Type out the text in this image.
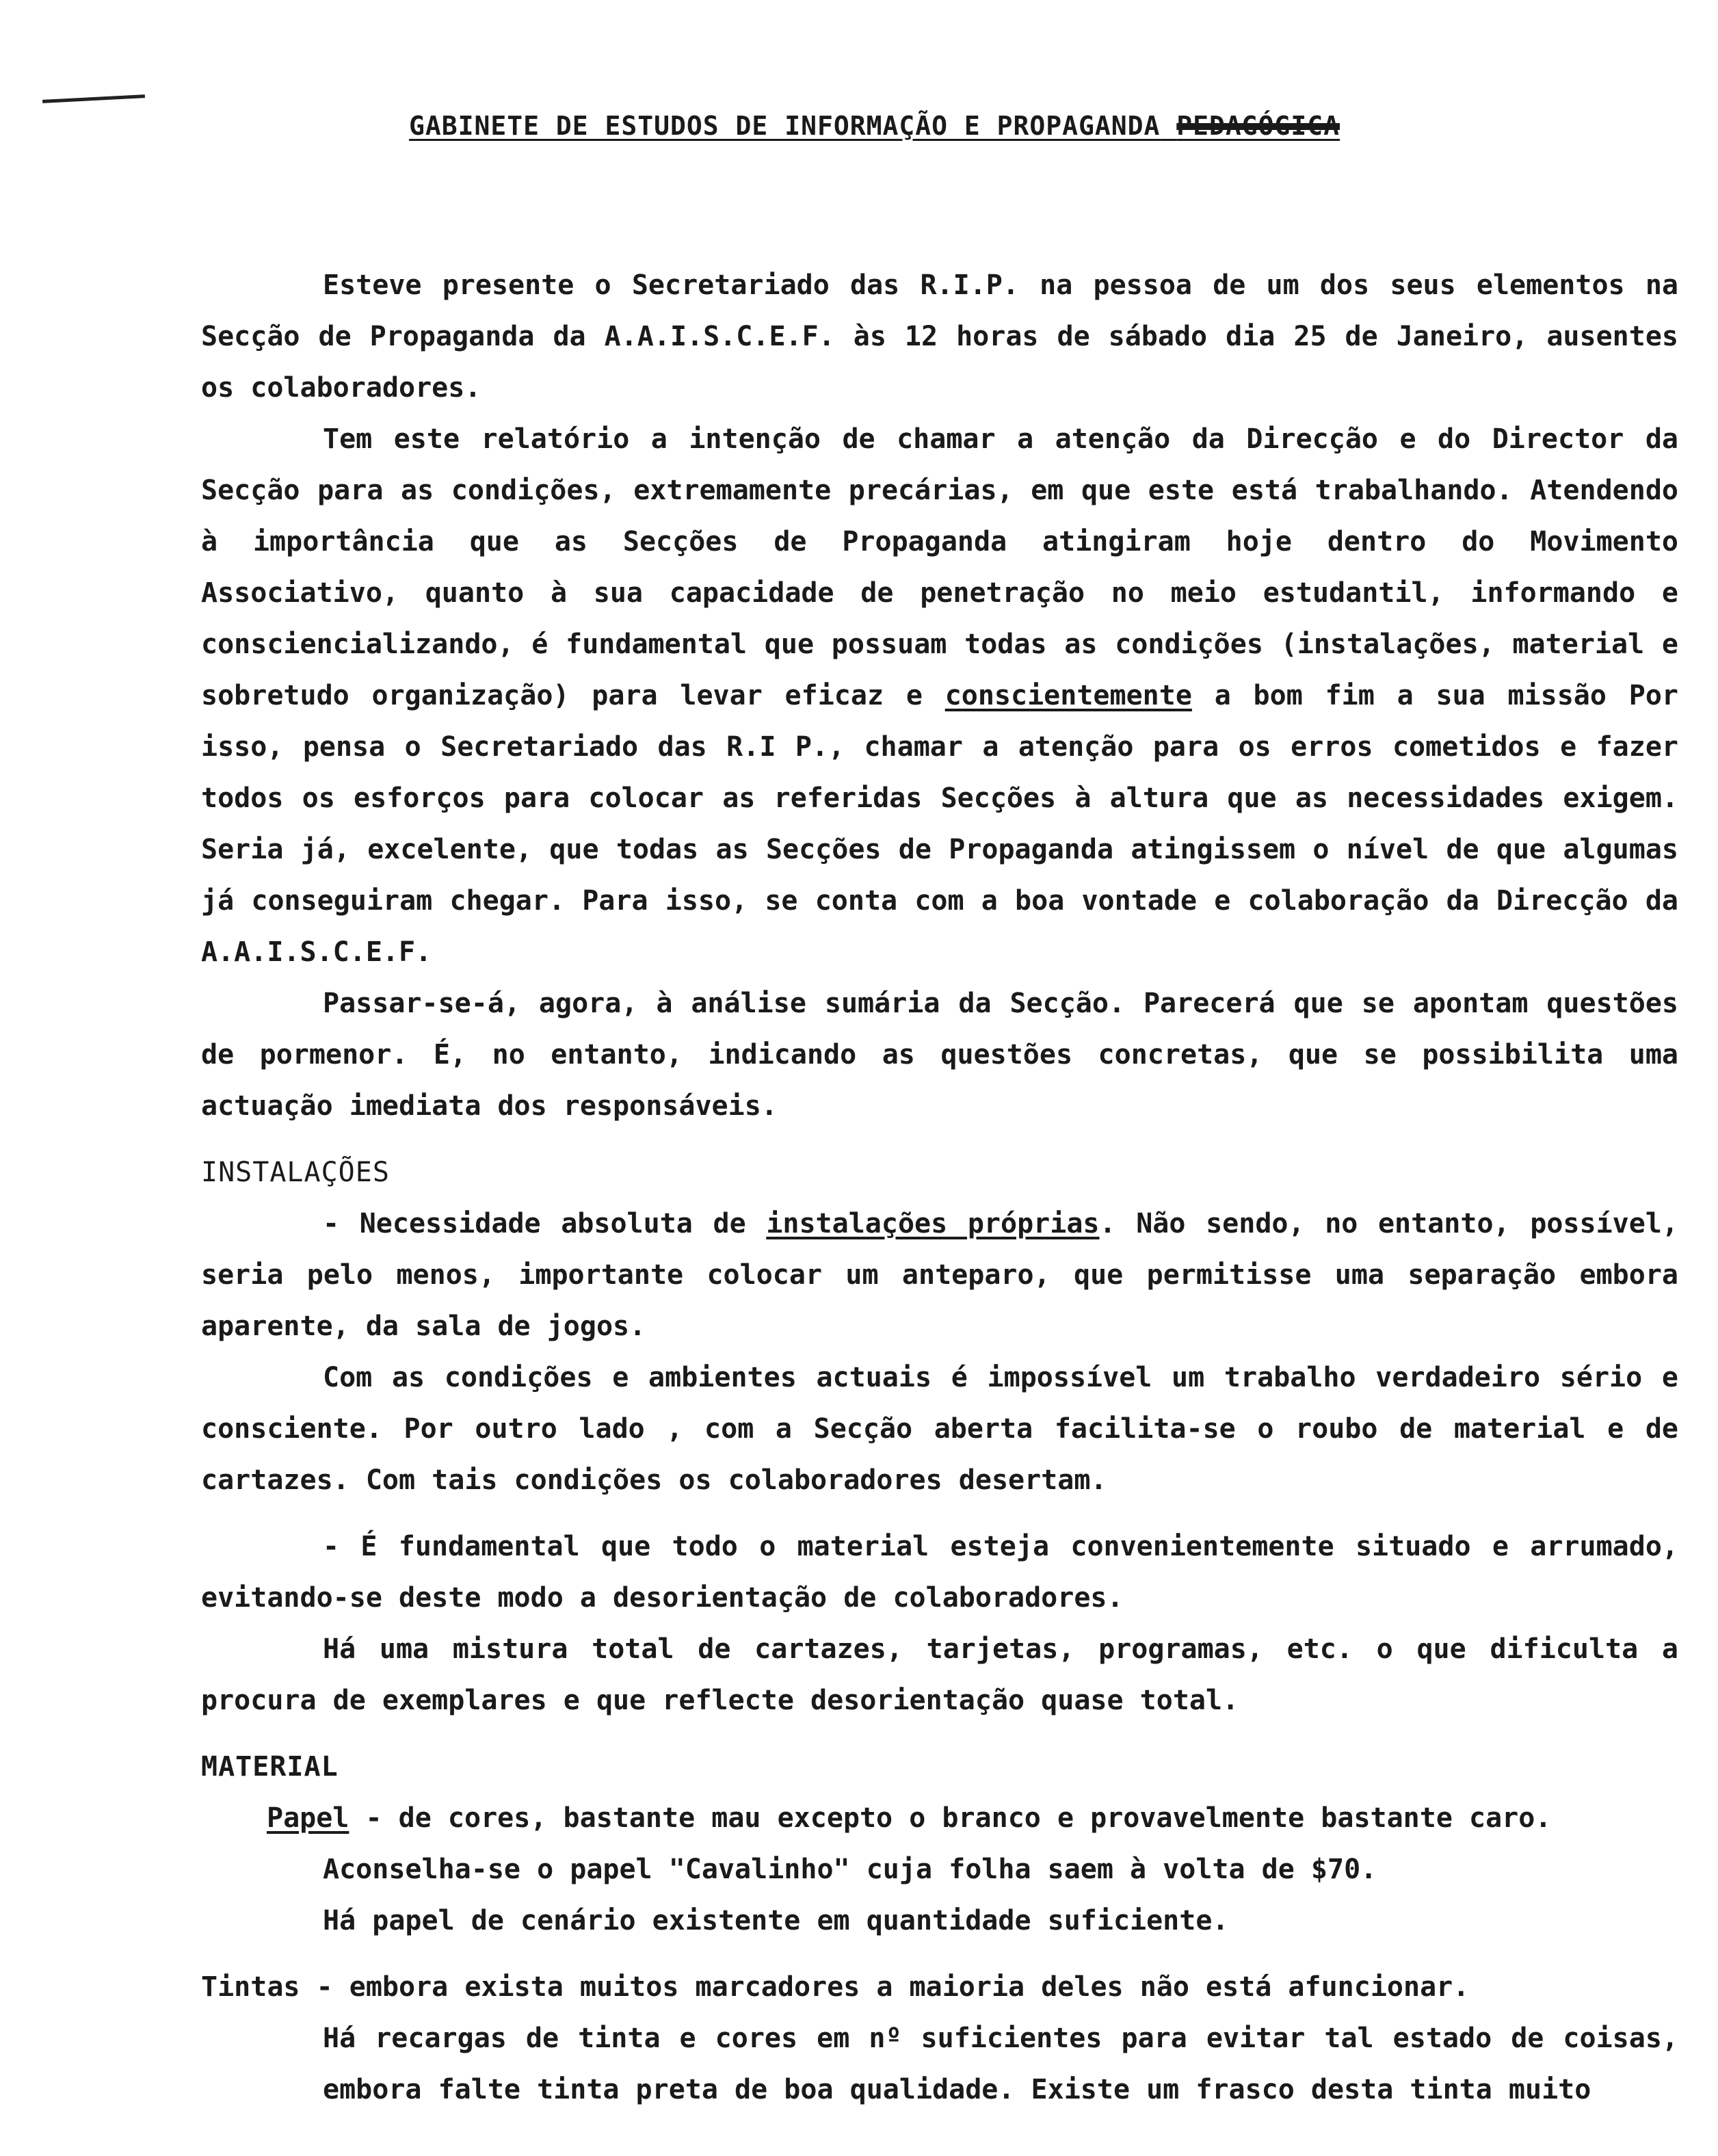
GABINETE DE ESTUDOS DE INFORMAÇÃO E PROPAGANDA PEDAGÓGICA

Esteve presente o Secretariado das R.I.P. na pessoa de um dos seus elementos na Secção de Propaganda da A.A.I.S.C.E.F. às 12 horas de sábado dia 25 de Janeiro, ausentes os colaboradores.

Tem este relatório a intenção de chamar a atenção da Direcção e do Director da Secção para as condições, extremamente precárias, em que este está trabalhando. Atendendo à importância que as Secções de Propaganda atingiram hoje dentro do Movimento Associativo, quanto à sua capacidade de penetração no meio estudantil, informando e consciencializando, é fundamental que possuam todas as condições (instalações, material e sobretudo organização) para levar eficaz e conscientemente a bom fim a sua missão Por isso, pensa o Secretariado das R.I P., chamar a atenção para os erros cometidos e fazer todos os esforços para colocar as referidas Secções à altura que as necessidades exigem. Seria já, excelente, que todas as Secções de Propaganda atingissem o nível de que algumas já conseguiram chegar. Para isso, se conta com a boa vontade e colaboração da Direcção da A.A.I.S.C.E.F.

Passar-se-á, agora, à análise sumária da Secção. Parecerá que se apontam questões de pormenor. É, no entanto, indicando as questões concretas, que se possibilita uma actuação imediata dos responsáveis.

INSTALAÇÕES

- Necessidade absoluta de instalações próprias. Não sendo, no entanto, possível, seria pelo menos, importante colocar um anteparo, que permitisse uma separação embora aparente, da sala de jogos.

Com as condições e ambientes actuais é impossível um trabalho verdadeiro sério e consciente. Por outro lado , com a Secção aberta facilita-se o roubo de material e de cartazes. Com tais condições os colaboradores desertam.

- É fundamental que todo o material esteja convenientemente situado e arrumado, evitando-se deste modo a desorientação de colaboradores.

Há uma mistura total de cartazes, tarjetas, programas, etc. o que dificulta a procura de exemplares e que reflecte desorientação quase total.

MATERIAL

Papel - de cores, bastante mau excepto o branco e provavelmente bastante caro.

Aconselha-se o papel "Cavalinho" cuja folha saem à volta de $70.

Há papel de cenário existente em quantidade suficiente.

Tintas - embora exista muitos marcadores a maioria deles não está afuncionar.

Há recargas de tinta e cores em nº suficientes para evitar tal estado de coisas, embora falte tinta preta de boa qualidade. Existe um frasco desta tinta muito
